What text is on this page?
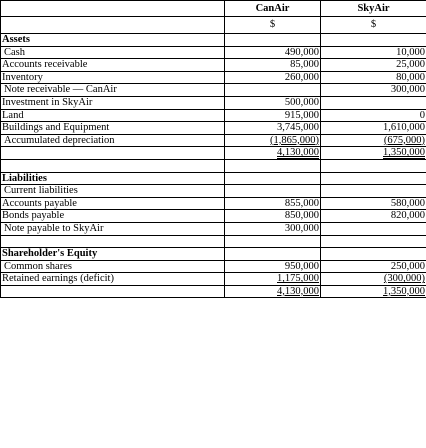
	CanAir	SkyAir
	$	$
Assets		
Cash	490,000	10,000
Accounts receivable	85,000	25,000
Inventory	260,000	80,000
Note receivable — CanAir		300,000
Investment in SkyAir	500,000	
Land	915,000	0
Buildings and Equipment	3,745,000	1,610,000
Accumulated depreciation	(1,865,000)	(675,000)
	4,130,000	1,350,000

Liabilities		
Current liabilities		
Accounts payable	855,000	580,000
Bonds payable	850,000	820,000
Note payable to SkyAir	300,000	

Shareholder's Equity		
Common shares	950,000	250,000
Retained earnings (deficit)	1,175,000	(300,000)
	4,130,000	1,350,000
